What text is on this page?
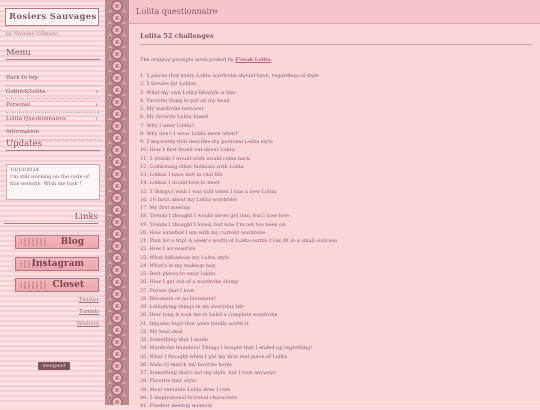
Rosiers Sauvages
by Noveine Valmane
Menu
Back to top
Gothic&Lolita	›
Personal	›
Lolita Questionnaires	›
Information
Updates
10/10/2024
I'm still working on the code of this website. Wish me luck !
Links
Blog
Instagram
Closet
Twitter
Tumblr
Wishlist
designed
Lolita questionnaire
Lolita 52 challenges
The original prompts were posted by F'reak Lolita.
1. 5 pieces that every Lolita wardrobe should have, regardless of style
2. 5 movies for Lolitas
3. What my own Lolita lifestyle is like
4. Favorite thing to put on my head
5. My wardrobe turnover
6. My favorite Lolita brand
7. Why I wear Lolita?
8. Why don't I wear Lolita more often?
9. 5 keywords that describe my personal Lolita style
10. How I first found out about Lolita
11. 5 trends I would wish would come back
12. Combining other fashions with Lolita
13. Lolitas I have met in real life
14. Lolitas I would love to meet
15. 3 things I wish I was told when I was a new Lolita
16. 10 facts about my Lolita wardrobe
17. My first meetup
18. Trends I thought I would never get into, but I now love
19. Trends I thought I loved, but now I'm not too keen on
20. How satisfied I am with my current wardrobe
21. Plan for a trip! A week's worth of Lolita outfits I can fit in a small suitcase
22. How I accessorize
23. What influences my Lolita style
24. What's in my makeup bag
25. Best places to wear Lolita
26. How I get out of a wardrobe slump
27. Purses that I love
28. Bloomers or no bloomers?
29. Lolitafying things in my everyday life
30. How long it took me to build a complete wardrobe
31. Impulse buys that were totally worth it
32. My beat deal
33. Something that I made
34. Wardrobe blunders! Things I bought that I ended up regretting!
35. What I thought when I put my first real piece of Lolita
36. Nails to match my favorite looks
37. Something that's not my style, but I love anyways
38. Favorite hair style
39. Most versatile Lolita item I own
40. 5 inspirational fictional characters
41. Fondest meetup memory
